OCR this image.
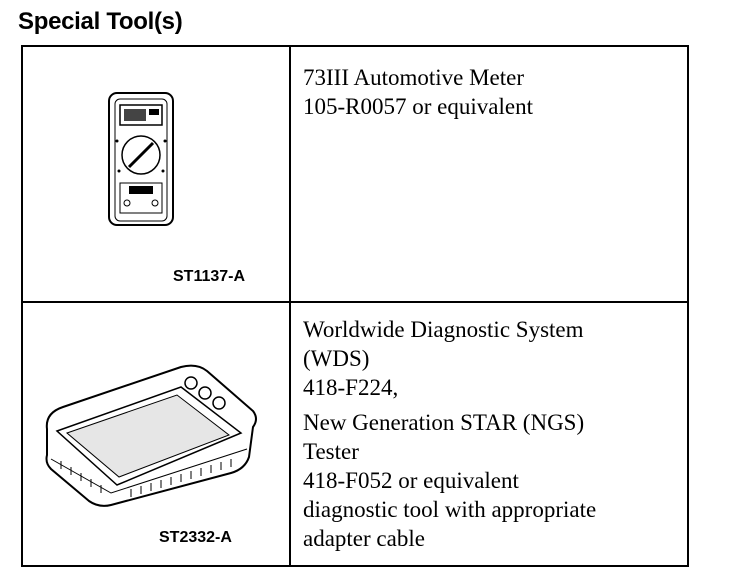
Special Tool(s)
ST1137-A
73III Automotive Meter
105-R0057 or equivalent
ST2332-A
Worldwide Diagnostic System
(WDS)
418-F224,
New Generation STAR (NGS)
Tester
418-F052 or equivalent
diagnostic tool with appropriate
adapter cable
